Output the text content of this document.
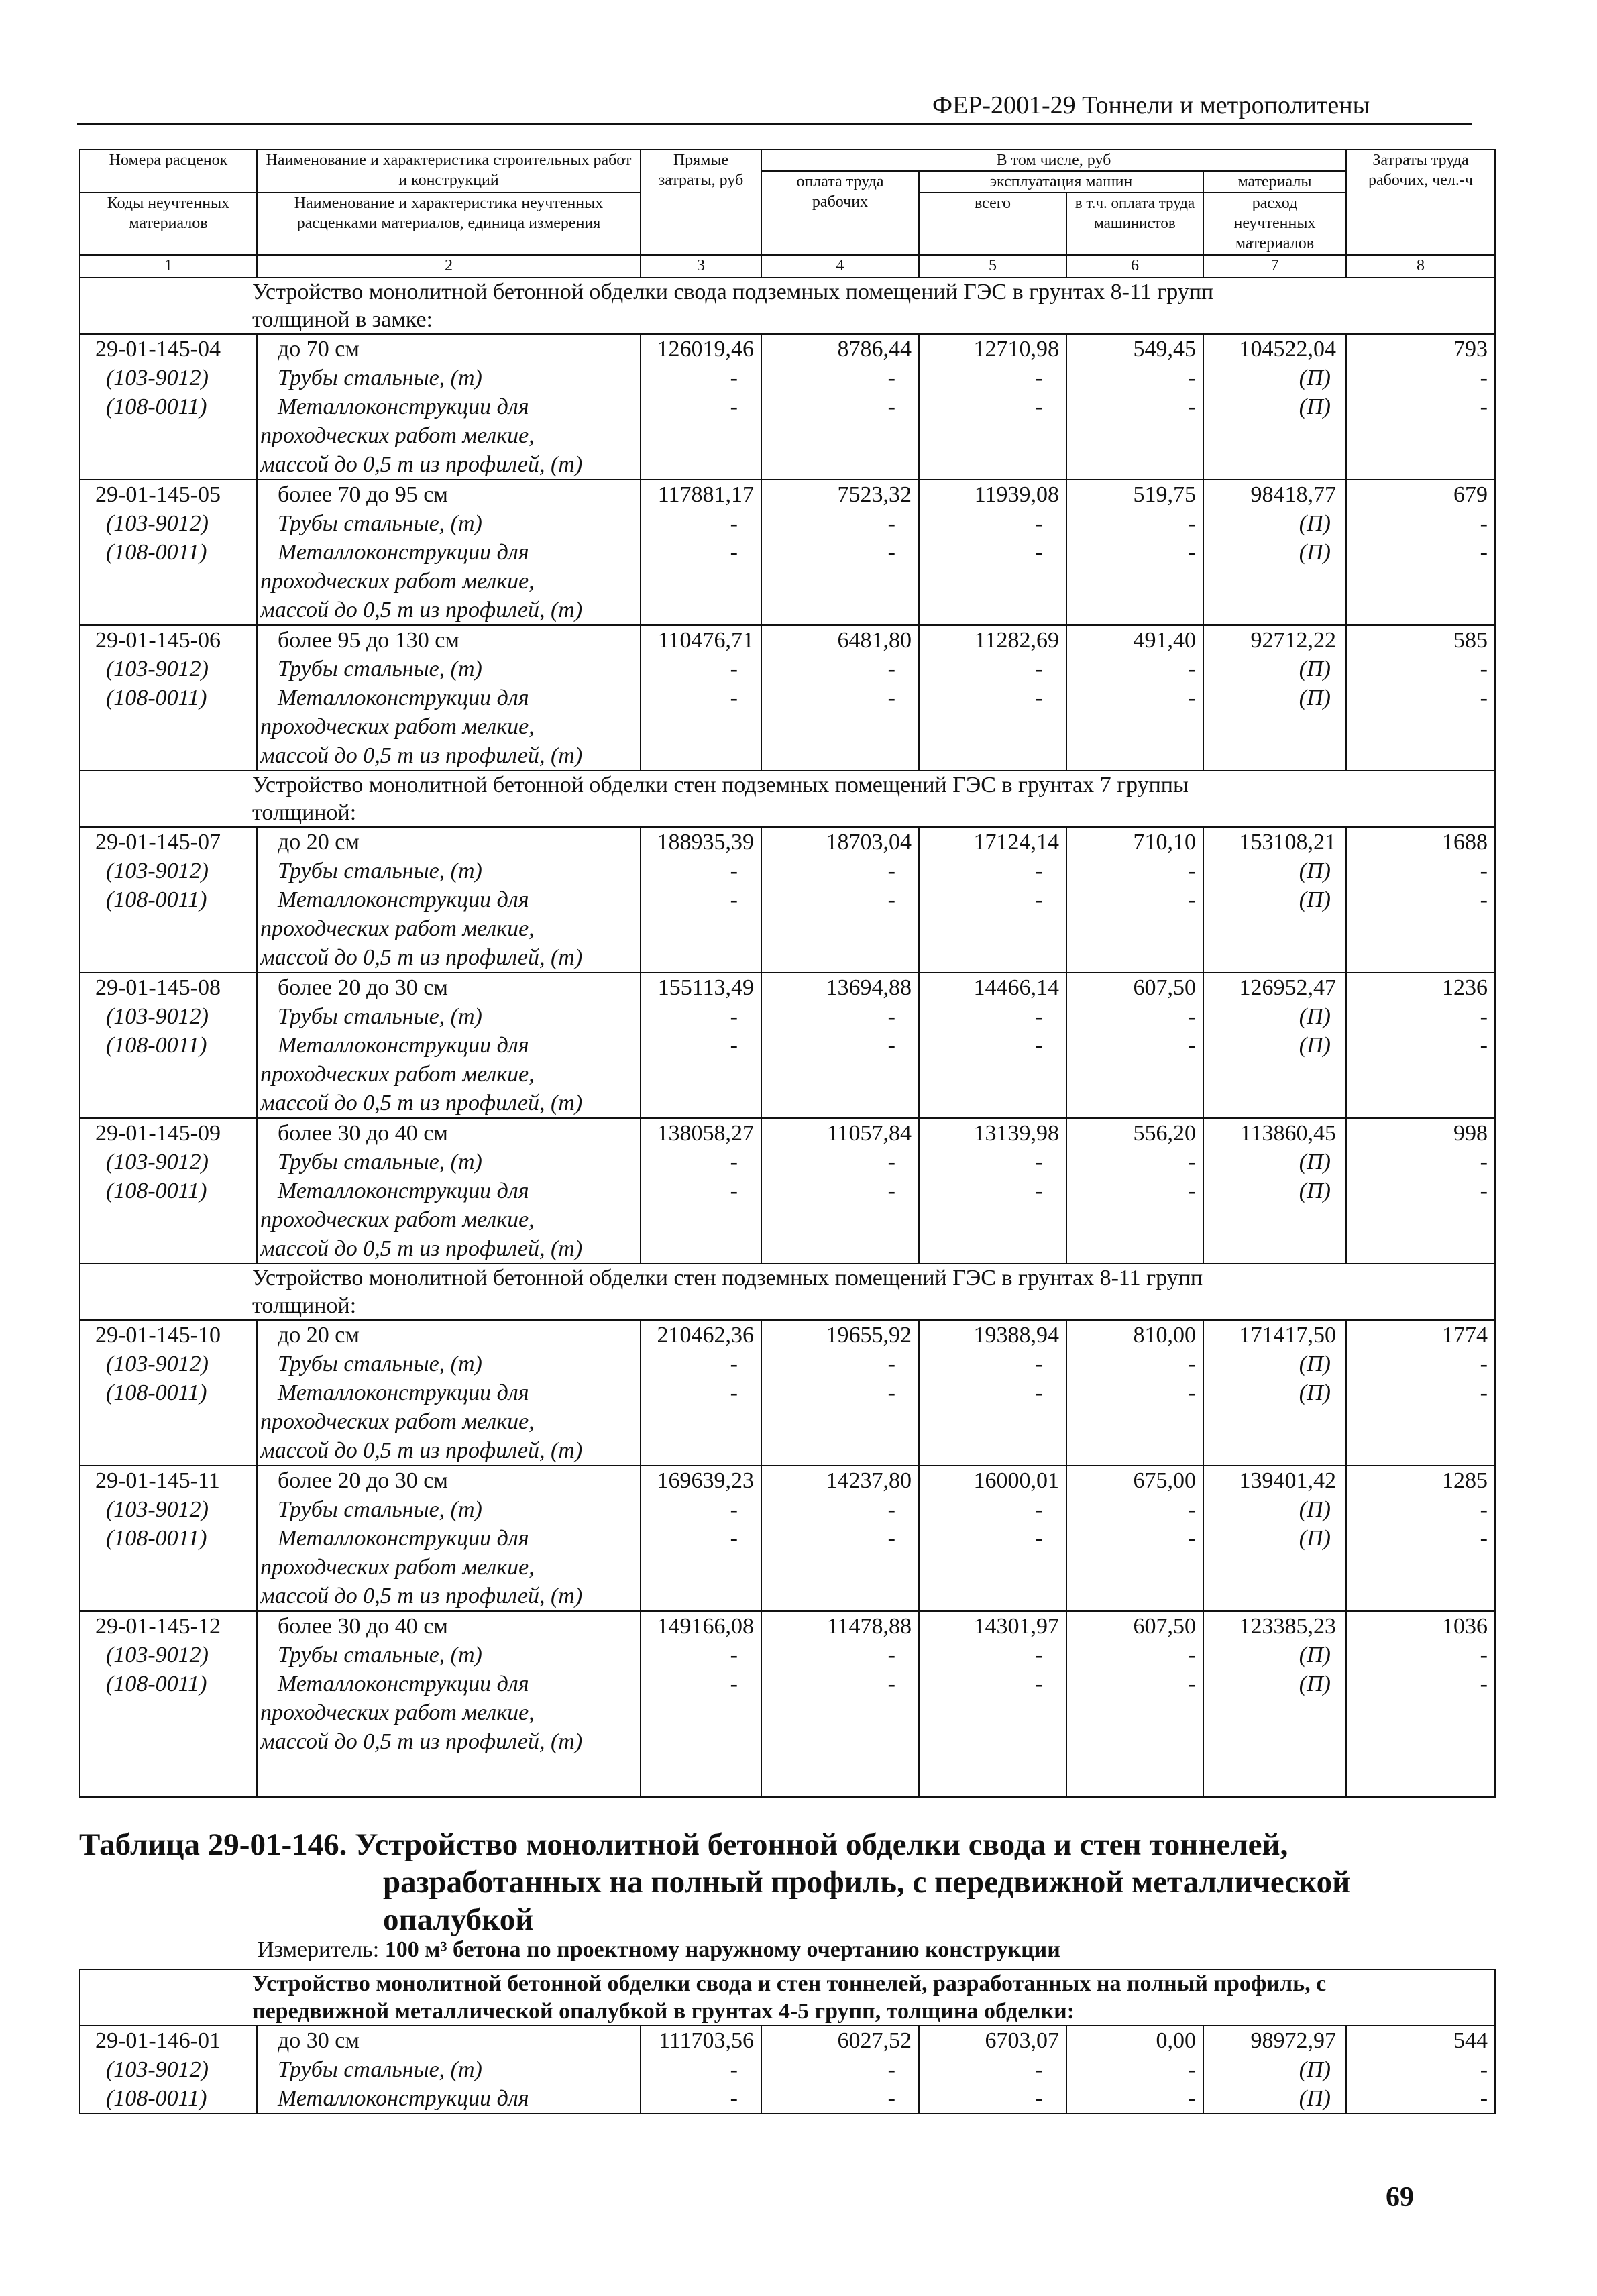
ФЕР-2001-29 Тоннели и метрополитены
Номера расценок	Наименование и характеристика строительных работ и конструкций	Прямые затраты, руб	В том числе, руб				Затраты труда рабочих, чел.-ч
			оплата труда рабочих	эксплуатация машин		материалы	
Коды неучтенных материалов	Наименование и характеристика неучтенных расценками материалов, единица измерения			всего	в т.ч. оплата труда машинистов	расход неучтенных материалов	
1	2	3	4	5	6	7	8
Устройство монолитной бетонной обделки свода подземных помещений ГЭС в грунтах 8-11 групп							
толщиной в замке:							
29-01-145-04	до 70 см	126019,46	8786,44	12710,98	549,45	104522,04	793
(103-9012)	Трубы стальные, (т)	-	-	-	-	(П)	-
(108-0011)	Металлоконструкции для	-	-	-	-	(П)	-
	проходческих работ мелкие,						
	массой до 0,5 т из профилей, (т)						
29-01-145-05	более 70 до 95 см	117881,17	7523,32	11939,08	519,75	98418,77	679
(103-9012)	Трубы стальные, (т)	-	-	-	-	(П)	-
(108-0011)	Металлоконструкции для	-	-	-	-	(П)	-
	проходческих работ мелкие,						
	массой до 0,5 т из профилей, (т)						
29-01-145-06	более 95 до 130 см	110476,71	6481,80	11282,69	491,40	92712,22	585
(103-9012)	Трубы стальные, (т)	-	-	-	-	(П)	-
(108-0011)	Металлоконструкции для	-	-	-	-	(П)	-
	проходческих работ мелкие,						
	массой до 0,5 т из профилей, (т)						
Устройство монолитной бетонной обделки стен подземных помещений ГЭС в грунтах 7 группы							
толщиной:							
29-01-145-07	до 20 см	188935,39	18703,04	17124,14	710,10	153108,21	1688
(103-9012)	Трубы стальные, (т)	-	-	-	-	(П)	-
(108-0011)	Металлоконструкции для	-	-	-	-	(П)	-
	проходческих работ мелкие,						
	массой до 0,5 т из профилей, (т)						
29-01-145-08	более 20 до 30 см	155113,49	13694,88	14466,14	607,50	126952,47	1236
(103-9012)	Трубы стальные, (т)	-	-	-	-	(П)	-
(108-0011)	Металлоконструкции для	-	-	-	-	(П)	-
	проходческих работ мелкие,						
	массой до 0,5 т из профилей, (т)						
29-01-145-09	более 30 до 40 см	138058,27	11057,84	13139,98	556,20	113860,45	998
(103-9012)	Трубы стальные, (т)	-	-	-	-	(П)	-
(108-0011)	Металлоконструкции для	-	-	-	-	(П)	-
	проходческих работ мелкие,						
	массой до 0,5 т из профилей, (т)						
Устройство монолитной бетонной обделки стен подземных помещений ГЭС в грунтах 8-11 групп							
толщиной:							
29-01-145-10	до 20 см	210462,36	19655,92	19388,94	810,00	171417,50	1774
(103-9012)	Трубы стальные, (т)	-	-	-	-	(П)	-
(108-0011)	Металлоконструкции для	-	-	-	-	(П)	-
	проходческих работ мелкие,						
	массой до 0,5 т из профилей, (т)						
29-01-145-11	более 20 до 30 см	169639,23	14237,80	16000,01	675,00	139401,42	1285
(103-9012)	Трубы стальные, (т)	-	-	-	-	(П)	-
(108-0011)	Металлоконструкции для	-	-	-	-	(П)	-
	проходческих работ мелкие,						
	массой до 0,5 т из профилей, (т)						
29-01-145-12	более 30 до 40 см	149166,08	11478,88	14301,97	607,50	123385,23	1036
(103-9012)	Трубы стальные, (т)	-	-	-	-	(П)	-
(108-0011)	Металлоконструкции для	-	-	-	-	(П)	-
	проходческих работ мелкие,						
	массой до 0,5 т из профилей, (т)						

Таблица 29-01-146. Устройство монолитной бетонной обделки свода и стен тоннелей,
разработанных на полный профиль, с передвижной металлической
опалубкой
Измеритель: 100 м³ бетона по проектному наружному очертанию конструкции
Устройство монолитной бетонной обделки свода и стен тоннелей, разработанных на полный профиль, с							
передвижной металлической опалубкой в грунтах 4-5 групп, толщина обделки:							
29-01-146-01	до 30 см	111703,56	6027,52	6703,07	0,00	98972,97	544
(103-9012)	Трубы стальные, (т)	-	-	-	-	(П)	-
(108-0011)	Металлоконструкции для	-	-	-	-	(П)	-
69
